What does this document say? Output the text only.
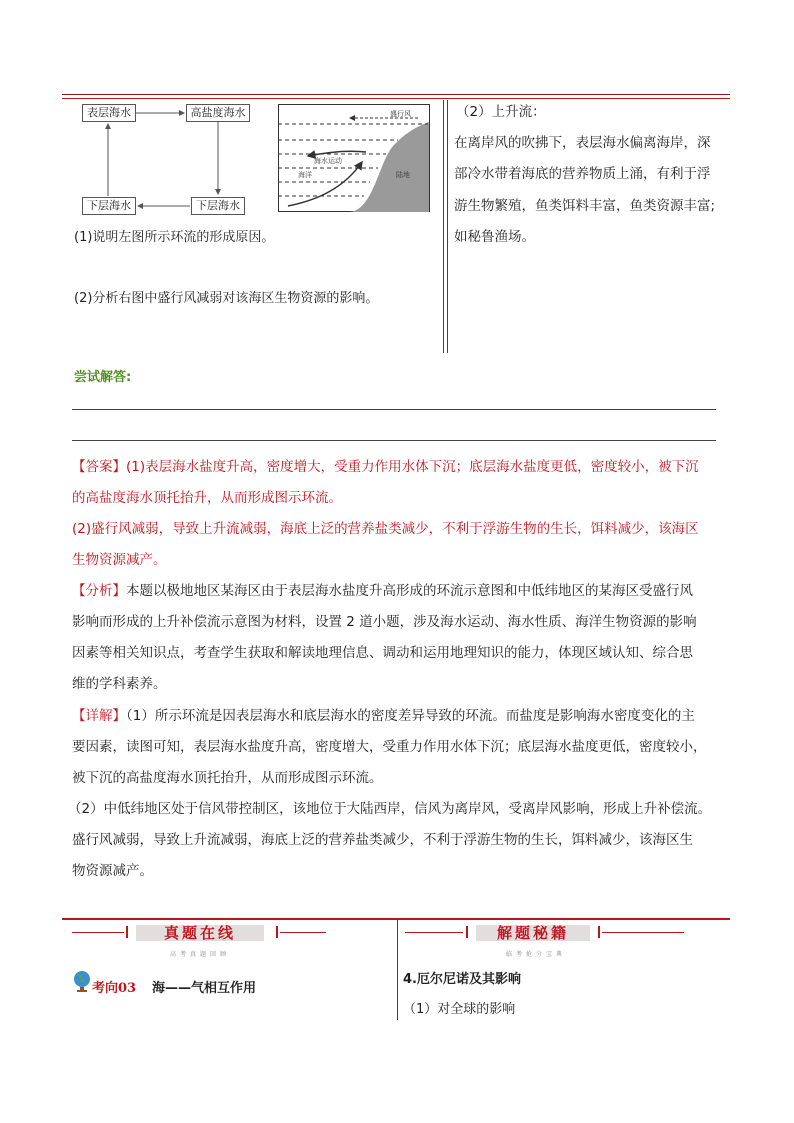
表层海水	高盐度海水
下层海水	下层海水
盛行风
海水运动
海洋	陆地
(1)说明左图所示环流的形成原因。
(2)分析右图中盛行风减弱对该海区生物资源的影响。
（2）上升流：
在离岸风的吹拂下，表层海水偏离海岸，深
部冷水带着海底的营养物质上涌，有利于浮
游生物繁殖，鱼类饵料丰富，鱼类资源丰富;
如秘鲁渔场。
尝试解答:
【答案】(1)表层海水盐度升高，密度增大，受重力作用水体下沉；底层海水盐度更低，密度较小，被下沉
的高盐度海水顶托抬升，从而形成图示环流。
(2)盛行风减弱，导致上升流减弱，海底上泛的营养盐类减少，不利于浮游生物的生长，饵料减少，该海区
生物资源减产。
【分析】本题以极地地区某海区由于表层海水盐度升高形成的环流示意图和中低纬地区的某海区受盛行风
影响而形成的上升补偿流示意图为材料，设置 2 道小题，涉及海水运动、海水性质、海洋生物资源的影响
因素等相关知识点，考查学生获取和解读地理信息、调动和运用地理知识的能力，体现区域认知、综合思
维的学科素养。
【详解】（1）所示环流是因表层海水和底层海水的密度差异导致的环流。而盐度是影响海水密度变化的主
要因素，读图可知，表层海水盐度升高，密度增大，受重力作用水体下沉；底层海水盐度更低，密度较小，
被下沉的高盐度海水顶托抬升，从而形成图示环流。
（2）中低纬地区处于信风带控制区，该地位于大陆西岸，信风为离岸风，受离岸风影响，形成上升补偿流。
盛行风减弱，导致上升流减弱，海底上泛的营养盐类减少，不利于浮游生物的生长，饵料减少，该海区生
物资源减产。
真题在线
高考真题回顾
解题秘籍
临考抢分宝典
考向03 海——气相互作用
4.厄尔尼诺及其影响
（1）对全球的影响
